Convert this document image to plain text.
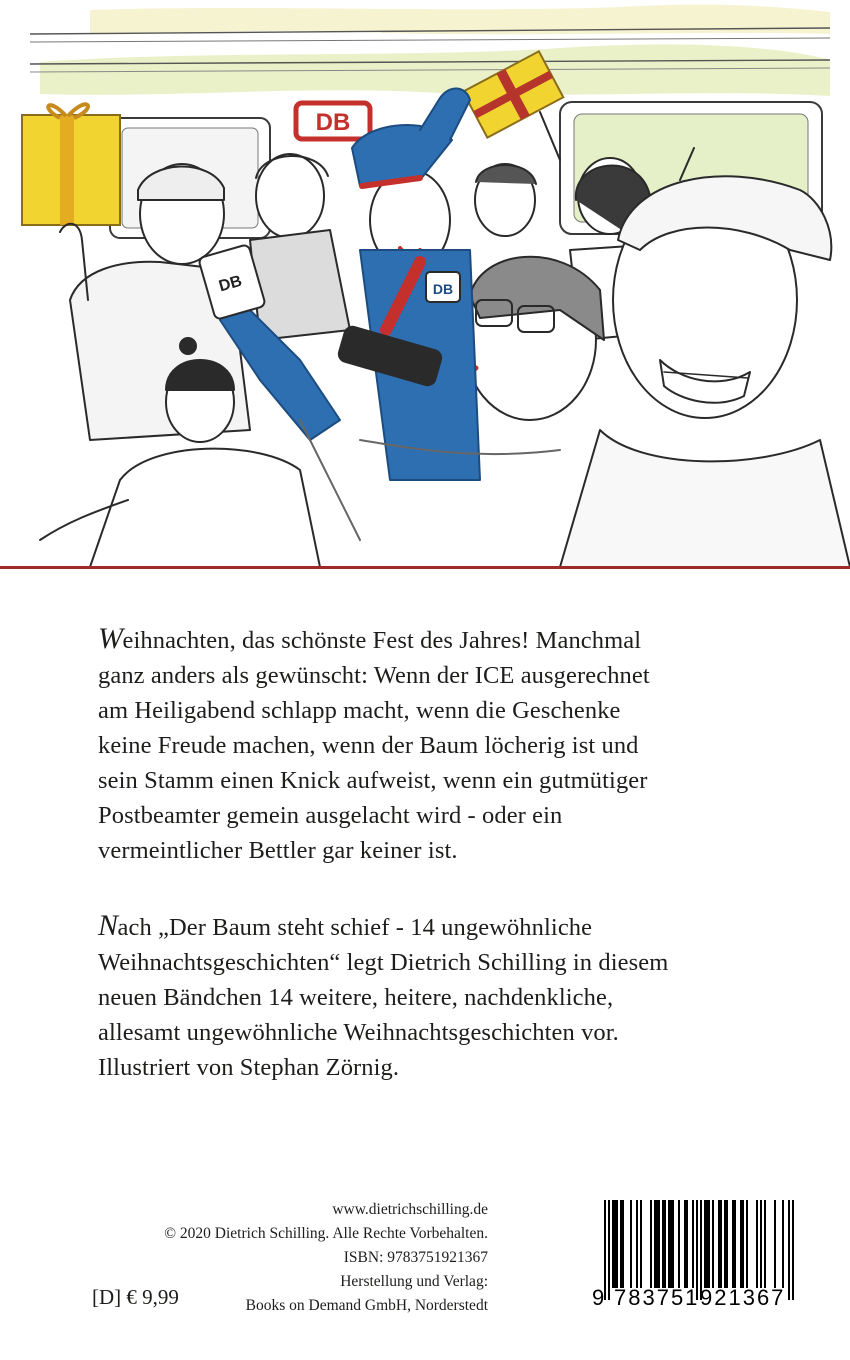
DB
DB
DB
Weihnachten, das schönste Fest des Jahres! Manchmal
ganz anders als gewünscht: Wenn der ICE ausgerechnet
am Heiligabend schlapp macht, wenn die Geschenke
keine Freude machen, wenn der Baum löcherig ist und
sein Stamm einen Knick aufweist, wenn ein gutmütiger
Postbeamter gemein ausgelacht wird - oder ein
vermeintlicher Bettler gar keiner ist.
Nach „Der Baum steht schief - 14 ungewöhnliche
Weihnachtsgeschichten“ legt Dietrich Schilling in diesem
neuen Bändchen 14 weitere, heitere, nachdenkliche,
allesamt ungewöhnliche Weihnachtsgeschichten vor.
Illustriert von Stephan Zörnig.
www.dietrichschilling.de
© 2020 Dietrich Schilling. Alle Rechte Vorbehalten.
ISBN: 9783751921367
Herstellung und Verlag:
Books on Demand GmbH, Norderstedt
[D] € 9,99	9 783751 921367
